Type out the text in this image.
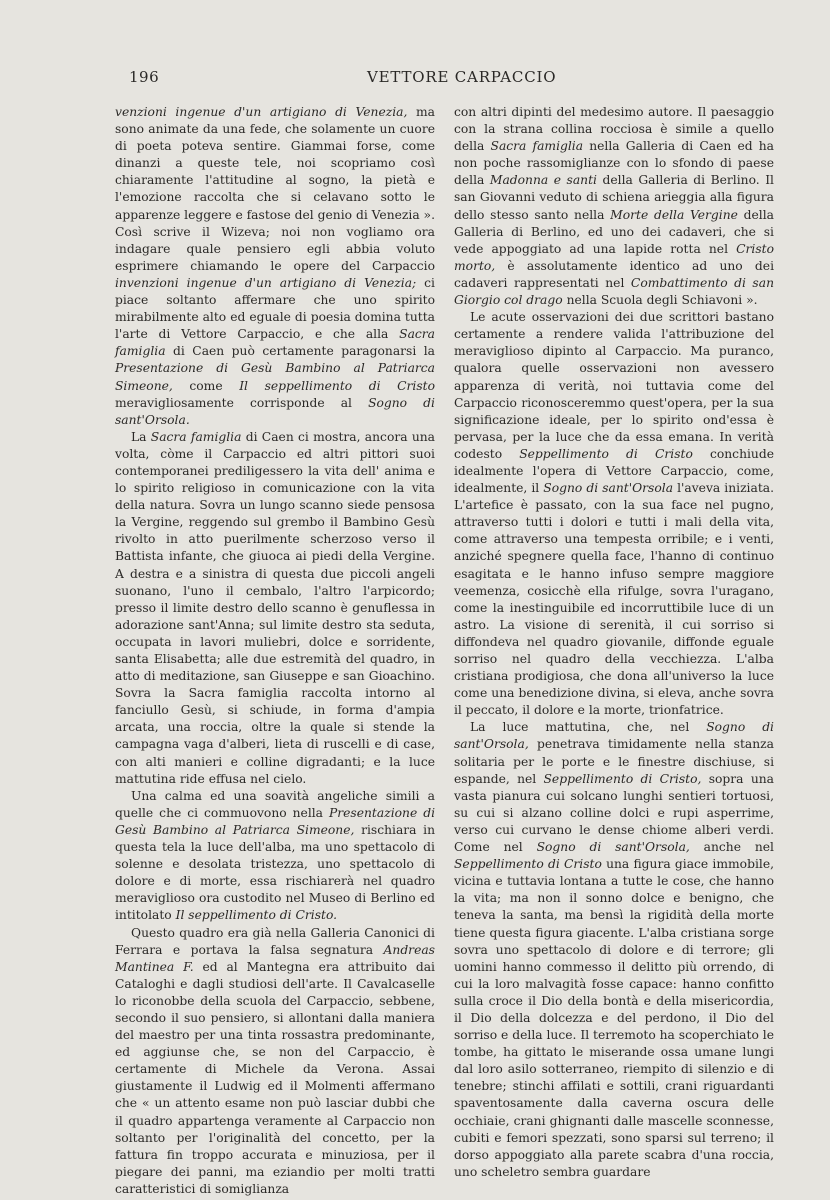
196	VETTORE CARPACCIO

venzioni ingenue d'un artigiano di Venezia, ma sono animate da una fede, che solamente un cuore di poeta poteva sentire. Giammai forse, come dinanzi a queste tele, noi scopriamo così chiaramente l'attitudine al sogno, la pietà e l'emozione raccolta che si celavano sotto le apparenze leggere e fastose del genio di Venezia ». Così scrive il Wizeva; noi non vogliamo ora indagare quale pensiero egli abbia voluto esprimere chiamando le opere del Carpaccio invenzioni ingenue d'un artigiano di Venezia; ci piace soltanto affermare che uno spirito mirabilmente alto ed eguale di poesia domina tutta l'arte di Vettore Carpaccio, e che alla Sacra famiglia di Caen può certamente paragonarsi la Presentazione di Gesù Bambino al Patriarca Simeone, come Il seppellimento di Cristo meravigliosamente corrisponde al Sogno di sant'Orsola.

La Sacra famiglia di Caen ci mostra, ancora una volta, còme il Carpaccio ed altri pittori suoi contemporanei prediligessero la vita dell' anima e lo spirito religioso in comunicazione con la vita della natura. Sovra un lungo scanno siede pensosa la Vergine, reggendo sul grembo il Bambino Gesù rivolto in atto puerilmente scherzoso verso il Battista infante, che giuoca ai piedi della Vergine. A destra e a sinistra di questa due piccoli angeli suonano, l'uno il cembalo, l'altro l'arpicordo; presso il limite destro dello scanno è genuflessa in adorazione sant'Anna; sul limite destro sta seduta, occupata in lavori muliebri, dolce e sorridente, santa Elisabetta; alle due estremità del quadro, in atto di meditazione, san Giuseppe e san Gioachino. Sovra la Sacra famiglia raccolta intorno al fanciullo Gesù, si schiude, in forma d'ampia arcata, una roccia, oltre la quale si stende la campagna vaga d'alberi, lieta di ruscelli e di case, con alti manieri e colline digradanti; e la luce mattutina ride effusa nel cielo.

Una calma ed una soavità angeliche simili a quelle che ci commuovono nella Presentazione di Gesù Bambino al Patriarca Simeone, rischiara in questa tela la luce dell'alba, ma uno spettacolo di solenne e desolata tristezza, uno spettacolo di dolore e di morte, essa rischiarerà nel quadro meraviglioso ora custodito nel Museo di Berlino ed intitolato Il seppellimento di Cristo.

Questo quadro era già nella Galleria Canonici di Ferrara e portava la falsa segnatura Andreas Mantinea F. ed al Mantegna era attribuito dai Cataloghi e dagli studiosi dell'arte. Il Cavalcaselle lo riconobbe della scuola del Carpaccio, sebbene, secondo il suo pensiero, si allontani dalla maniera del maestro per una tinta rossastra predominante, ed aggiunse che, se non del Carpaccio, è certamente di Michele da Verona. Assai giustamente il Ludwig ed il Molmenti affermano che « un attento esame non può lasciar dubbi che il quadro appartenga veramente al Carpaccio non soltanto per l'originalità del concetto, per la fattura fin troppo accurata e minuziosa, per il piegare dei panni, ma eziandio per molti tratti caratteristici di somiglianza

con altri dipinti del medesimo autore. Il paesaggio con la strana collina rocciosa è simile a quello della Sacra famiglia nella Galleria di Caen ed ha non poche rassomiglianze con lo sfondo di paese della Madonna e santi della Galleria di Berlino. Il san Giovanni veduto di schiena arieggia alla figura dello stesso santo nella Morte della Vergine della Galleria di Berlino, ed uno dei cadaveri, che si vede appoggiato ad una lapide rotta nel Cristo morto, è assolutamente identico ad uno dei cadaveri rappresentati nel Combattimento di san Giorgio col drago nella Scuola degli Schiavoni ».

Le acute osservazioni dei due scrittori bastano certamente a rendere valida l'attribuzione del meraviglioso dipinto al Carpaccio. Ma puranco, qualora quelle osservazioni non avessero apparenza di verità, noi tuttavia come del Carpaccio riconosceremmo quest'opera, per la sua significazione ideale, per lo spirito ond'essa è pervasa, per la luce che da essa emana. In verità codesto Seppellimento di Cristo conchiude idealmente l'opera di Vettore Carpaccio, come, idealmente, il Sogno di sant'Orsola l'aveva iniziata. L'artefice è passato, con la sua face nel pugno, attraverso tutti i dolori e tutti i mali della vita, come attraverso una tempesta orribile; e i venti, anziché spegnere quella face, l'hanno di continuo esagitata e le hanno infuso sempre maggiore veemenza, cosicchè ella rifulge, sovra l'uragano, come la inestinguibile ed incorruttibile luce di un astro. La visione di serenità, il cui sorriso si diffondeva nel quadro giovanile, diffonde eguale sorriso nel quadro della vecchiezza. L'alba cristiana prodigiosa, che dona all'universo la luce come una benedizione divina, si eleva, anche sovra il peccato, il dolore e la morte, trionfatrice.

La luce mattutina, che, nel Sogno di sant'Orsola, penetrava timidamente nella stanza solitaria per le porte e le finestre dischiuse, si espande, nel Seppellimento di Cristo, sopra una vasta pianura cui solcano lunghi sentieri tortuosi, su cui si alzano colline dolci e rupi asperrime, verso cui curvano le dense chiome alberi verdi. Come nel Sogno di sant'Orsola, anche nel Seppellimento di Cristo una figura giace immobile, vicina e tuttavia lontana a tutte le cose, che hanno la vita; ma non il sonno dolce e benigno, che teneva la santa, ma bensì la rigidità della morte tiene questa figura giacente. L'alba cristiana sorge sovra uno spettacolo di dolore e di terrore; gli uomini hanno commesso il delitto più orrendo, di cui la loro malvagità fosse capace: hanno confitto sulla croce il Dio della bontà e della misericordia, il Dio della dolcezza e del perdono, il Dio del sorriso e della luce. Il terremoto ha scoperchiato le tombe, ha gittato le miserande ossa umane lungi dal loro asilo sotterraneo, riempito di silenzio e di tenebre; stinchi affilati e sottili, crani riguardanti spaventosamente dalla caverna oscura delle occhiaie, crani ghignanti dalle mascelle sconnesse, cubiti e femori spezzati, sono sparsi sul terreno; il dorso appoggiato alla parete scabra d'una roccia, uno scheletro sembra guardare
